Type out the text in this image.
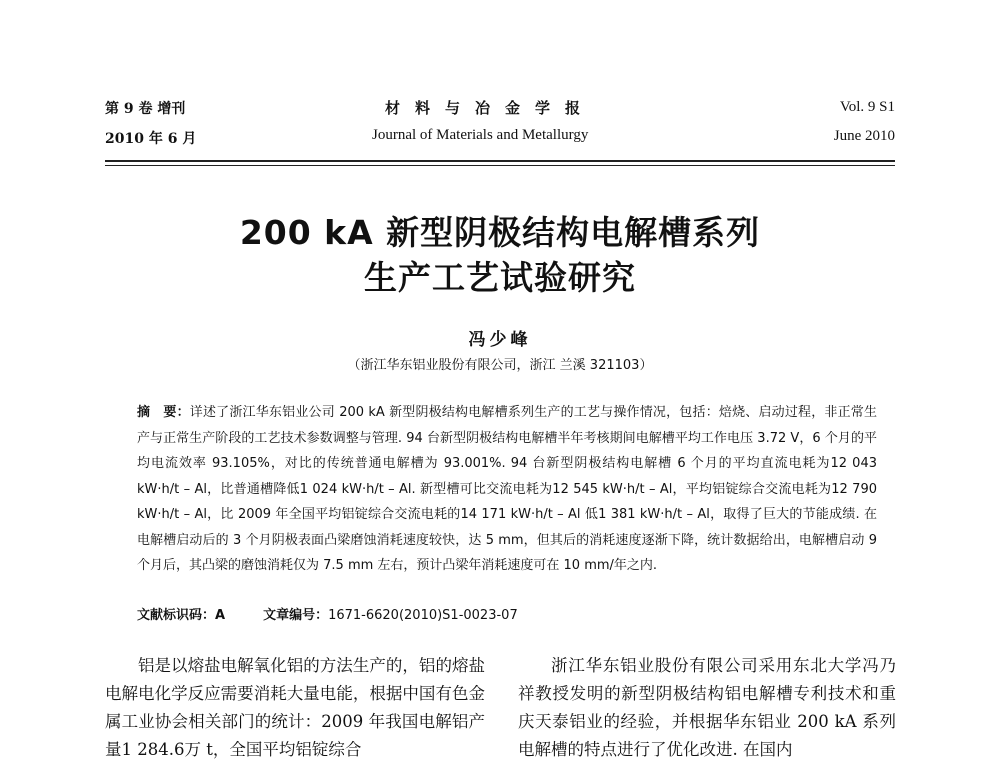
第 9 卷 增刊
2010 年 6 月
材料与冶金学报
Journal of Materials and Metallurgy
Vol. 9 S1
June 2010
200 kA 新型阴极结构电解槽系列
生产工艺试验研究
冯少峰
（浙江华东铝业股份有限公司，浙江 兰溪 321103）
摘　要：详述了浙江华东铝业公司 200 kA 新型阴极结构电解槽系列生产的工艺与操作情况，包括：焙烧、启动过程，非正常生产与正常生产阶段的工艺技术参数调整与管理. 94 台新型阴极结构电解槽半年考核期间电解槽平均工作电压 3.72 V，6 个月的平均电流效率 93.105%，对比的传统普通电解槽为 93.001%. 94 台新型阴极结构电解槽 6 个月的平均直流电耗为12 043 kW·h/t – Al，比普通槽降低1 024 kW·h/t – Al. 新型槽可比交流电耗为12 545 kW·h/t – Al，平均铝锭综合交流电耗为12 790 kW·h/t – Al，比 2009 年全国平均铝锭综合交流电耗的14 171 kW·h/t – Al 低1 381 kW·h/t – Al，取得了巨大的节能成绩. 在电解槽启动后的 3 个月阴极表面凸梁磨蚀消耗速度较快，达 5 mm，但其后的消耗速度逐渐下降，统计数据给出，电解槽启动 9 个月后，其凸梁的磨蚀消耗仅为 7.5 mm 左右，预计凸梁年消耗速度可在 10 mm/年之内.
文献标识码：A	文章编号：1671-6620(2010)S1-0023-07
铝是以熔盐电解氧化铝的方法生产的，铝的熔盐电解电化学反应需要消耗大量电能，根据中国有色金属工业协会相关部门的统计：2009 年我国电解铝产量1 284.6万 t，全国平均铝锭综合
浙江华东铝业股份有限公司采用东北大学冯乃祥教授发明的新型阴极结构铝电解槽专利技术和重庆天泰铝业的经验，并根据华东铝业 200 kA 系列电解槽的特点进行了优化改进. 在国内
